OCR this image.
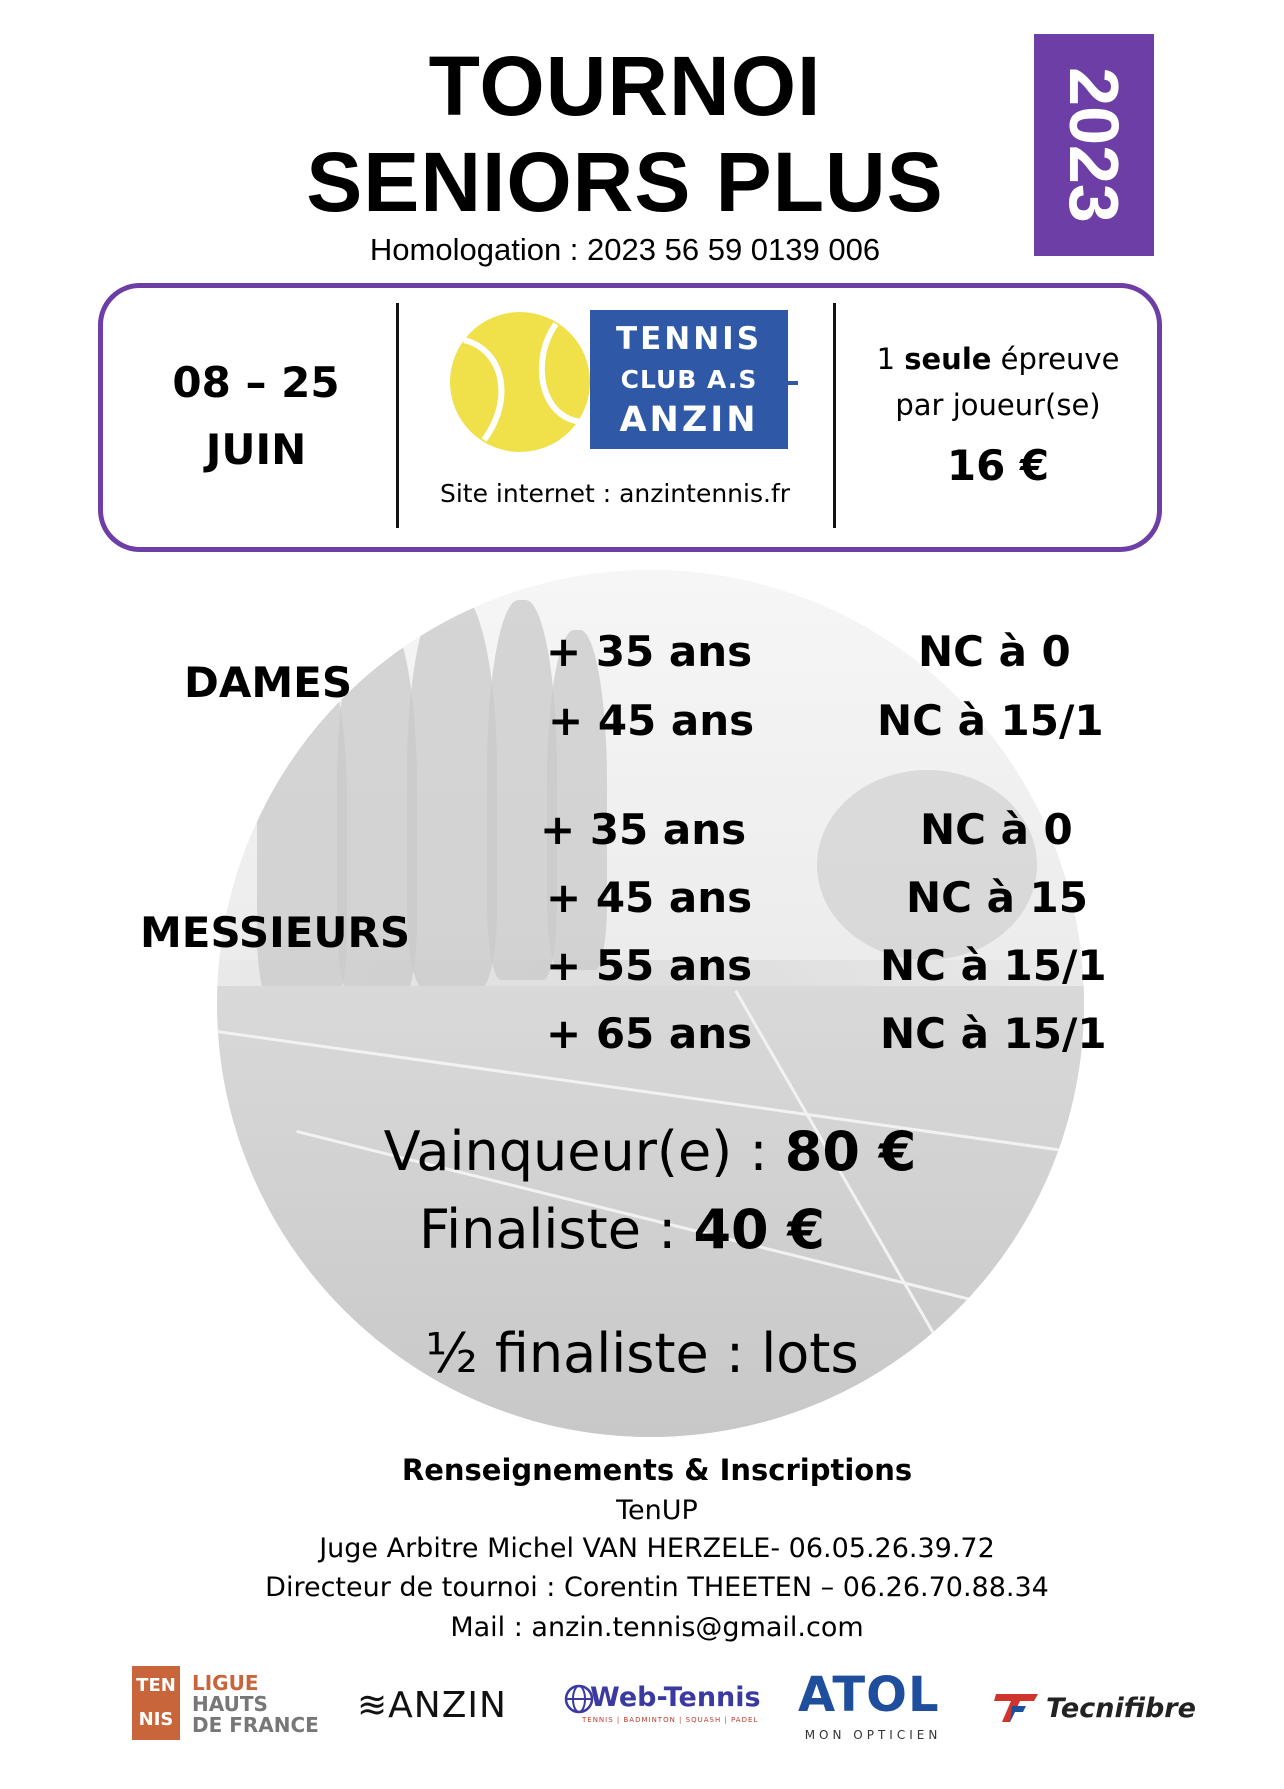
TOURNOI
SENIORS PLUS
Homologation : 2023 56 59 0139 006
2023
08 – 25
JUIN
TENNIS
CLUB A.S
ANZIN
Site internet : anzintennis.fr
1 seule épreuve
par joueur(se)
16 €
DAMES
+ 35 ans	NC à 0
+ 45 ans	NC à 15/1
MESSIEURS
+ 35 ans	NC à 0
+ 45 ans	NC à 15
+ 55 ans	NC à 15/1
+ 65 ans	NC à 15/1
Vainqueur(e) : 80 €
Finaliste : 40 €
½ finaliste : lots
Renseignements & Inscriptions
TenUP
Juge Arbitre Michel VAN HERZELE- 06.05.26.39.72
Directeur de tournoi : Corentin THEETEN – 06.26.70.88.34
Mail : anzin.tennis@gmail.com
TEN
NIS
LIGUE
HAUTS
DE FRANCE ≋ANZIN	Web-Tennis
TENNIS | BADMINTON | SQUASH | PADEL ATOL
MON OPTICIEN
Tecnifibre
